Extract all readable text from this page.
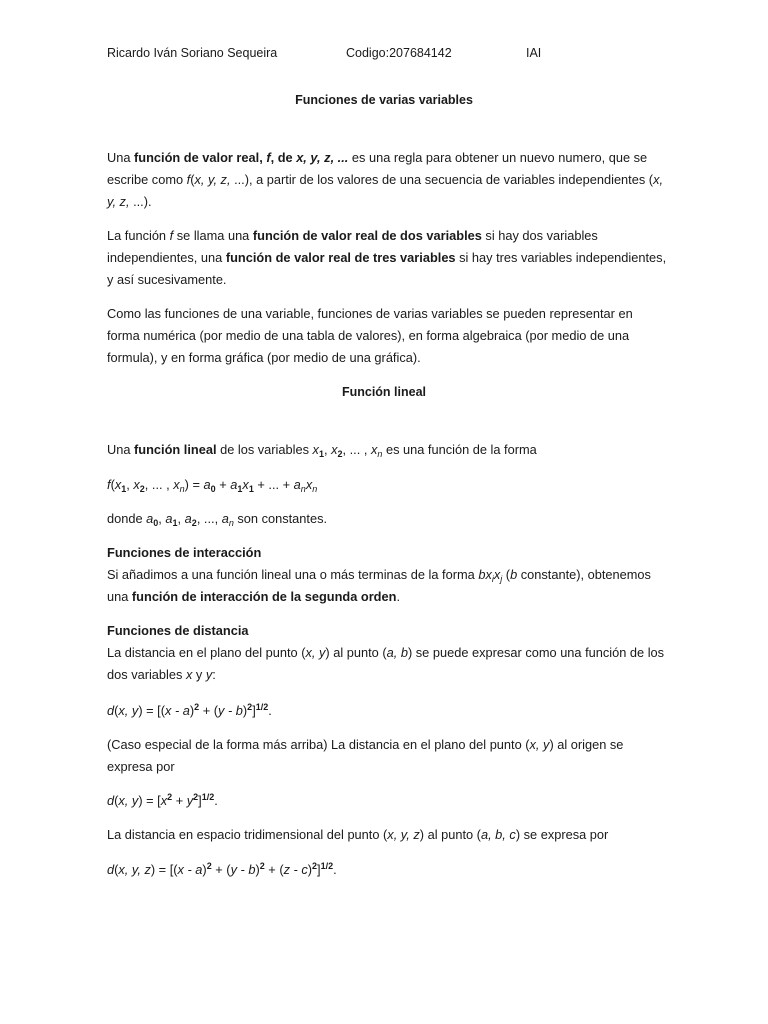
Ricardo Iván Soriano Sequeira	Codigo:207684142	IAI
Funciones de varias variables
Una función de valor real, f, de x, y, z, ... es una regla para obtener un nuevo numero, que se escribe como f(x, y, z, ...), a partir de los valores de una secuencia de variables independientes (x, y, z, ...).
La función f se llama una función de valor real de dos variables si hay dos variables independientes, una función de valor real de tres variables si hay tres variables independientes, y así sucesivamente.
Como las funciones de una variable, funciones de varias variables se pueden representar en forma numérica (por medio de una tabla de valores), en forma algebraica (por medio de una formula), y en forma gráfica (por medio de una gráfica).
Función lineal
Una función lineal de los variables $x_1$, $x_2$, ... , $x_n$ es una función de la forma
$f(x_1$, $x_2$, ... , $x_n) = a_0 + a_1x_1$ + ... + $a_nx_n$
donde $a_0$, $a_1$, $a_2$, ..., $a_n$ son constantes.
Funciones de interacción
Si añadimos a una función lineal una o más terminas de la forma $bx_ix_j$ (b constante), obtenemos una función de interacción de la segunda orden.
Funciones de distancia
La distancia en el plano del punto (x, y) al punto (a, b) se puede expresar como una función de los dos variables x y y:
d(x, $y) = [(x - a)^2 + (y - b)^2]^{1/2}$.
(Caso especial de la forma más arriba) La distancia en el plano del punto (x, y) al origen se expresa por
d(x, $y) = [x^2 + y^2]^{1/2}$.
La distancia en espacio tridimensional del punto (x, y, z) al punto (a, b, c) se expresa por
d(x, y, $z) = [(x - a)^2 + (y - b)^2 + (z - c)^2]^{1/2}$.
